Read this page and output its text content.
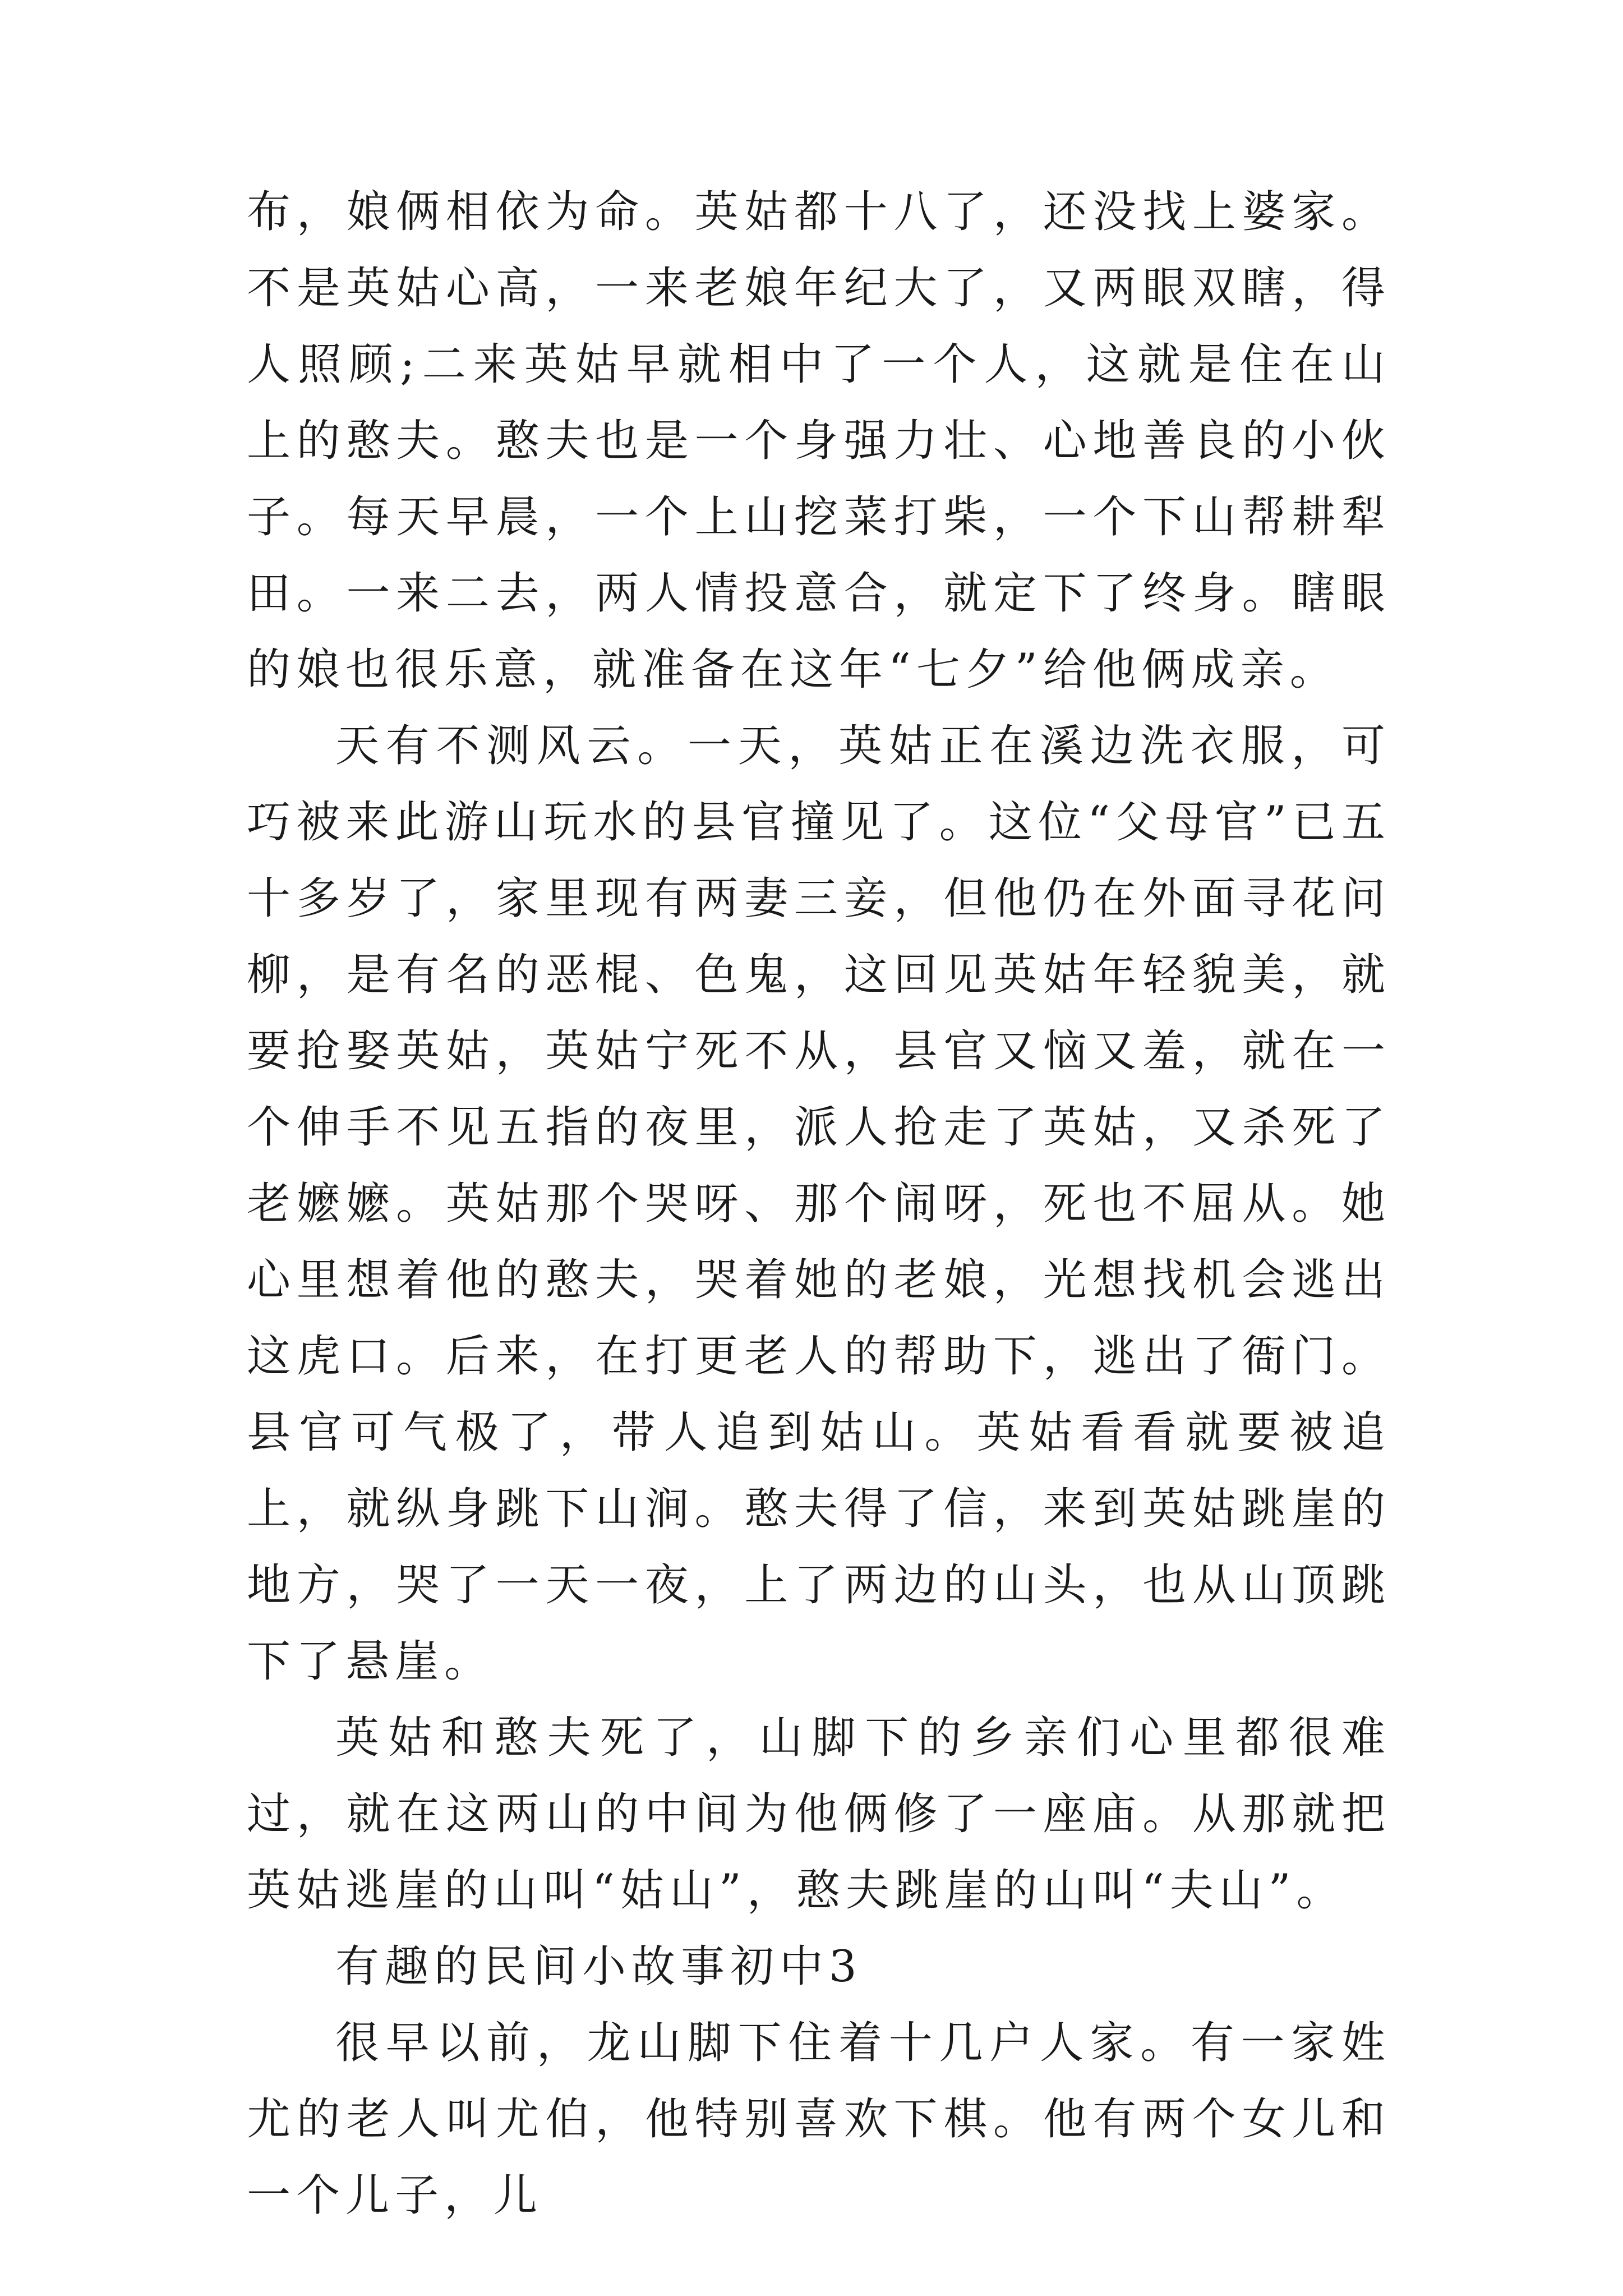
布，娘俩相依为命。英姑都十八了，还没找上婆家。不是英姑心高，一来老娘年纪大了，又两眼双瞎，得人照顾;二来英姑早就相中了一个人，这就是住在山上的憨夫。憨夫也是一个身强力壮、心地善良的小伙子。每天早晨，一个上山挖菜打柴，一个下山帮耕犁田。一来二去，两人情投意合，就定下了终身。瞎眼的娘也很乐意，就准备在这年“七夕”给他俩成亲。

天有不测风云。一天，英姑正在溪边洗衣服，可巧被来此游山玩水的县官撞见了。这位“父母官”已五十多岁了，家里现有两妻三妾，但他仍在外面寻花问柳，是有名的恶棍、色鬼，这回见英姑年轻貌美，就要抢娶英姑，英姑宁死不从，县官又恼又羞，就在一个伸手不见五指的夜里，派人抢走了英姑，又杀死了老嬷嬷。英姑那个哭呀、那个闹呀，死也不屈从。她心里想着他的憨夫，哭着她的老娘，光想找机会逃出这虎口。后来，在打更老人的帮助下，逃出了衙门。县官可气极了，带人追到姑山。英姑看看就要被追上，就纵身跳下山涧。憨夫得了信，来到英姑跳崖的地方，哭了一天一夜，上了两边的山头，也从山顶跳下了悬崖。

英姑和憨夫死了，山脚下的乡亲们心里都很难过，就在这两山的中间为他俩修了一座庙。从那就把英姑逃崖的山叫“姑山”，憨夫跳崖的山叫“夫山”。

有趣的民间小故事初中3

很早以前，龙山脚下住着十几户人家。有一家姓尤的老人叫尤伯，他特别喜欢下棋。他有两个女儿和一个儿子，儿
